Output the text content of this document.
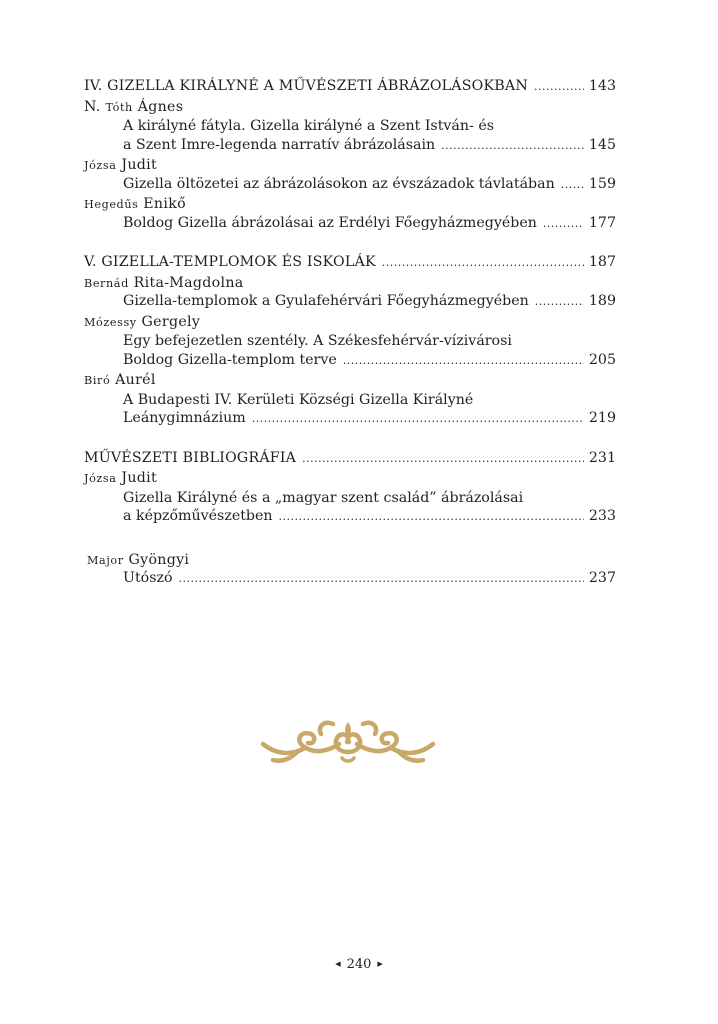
IV. GIZELLA KIRÁLYNÉ A MŰVÉSZETI ÁBRÁZOLÁSOKBAN .....	143
N. Tóth Ágnes
A királyné fátyla. Gizella királyné a Szent István- és
a Szent Imre-legenda narratív ábrázolásain .....	145
Józsa Judit
Gizella öltözetei az ábrázolásokon az évszázadok távlatában ..... 159
Hegedűs Enikő
Boldog Gizella ábrázolásai az Erdélyi Főegyházmegyében .....	177
V. GIZELLA-TEMPLOMOK ÉS ISKOLÁK .....	187
Bernád Rita-Magdolna
Gizella-templomok a Gyulafehérvári Főegyházmegyében .....	189
Mózessy Gergely
Egy befejezetlen szentély. A Székesfehérvár-vízivárosi
Boldog Gizella-templom terve .....	205
Biró Aurél
A Budapesti IV. Kerületi Községi Gizella Királyné
Leánygimnázium .....	219
MŰVÉSZETI BIBLIOGRÁFIA .....	231
Józsa Judit
Gizella Királyné és a „magyar szent család” ábrázolásai
a képzőművészetben .....	233
Major Gyöngyi
Utószó .....	237
◀ 240 ▶
